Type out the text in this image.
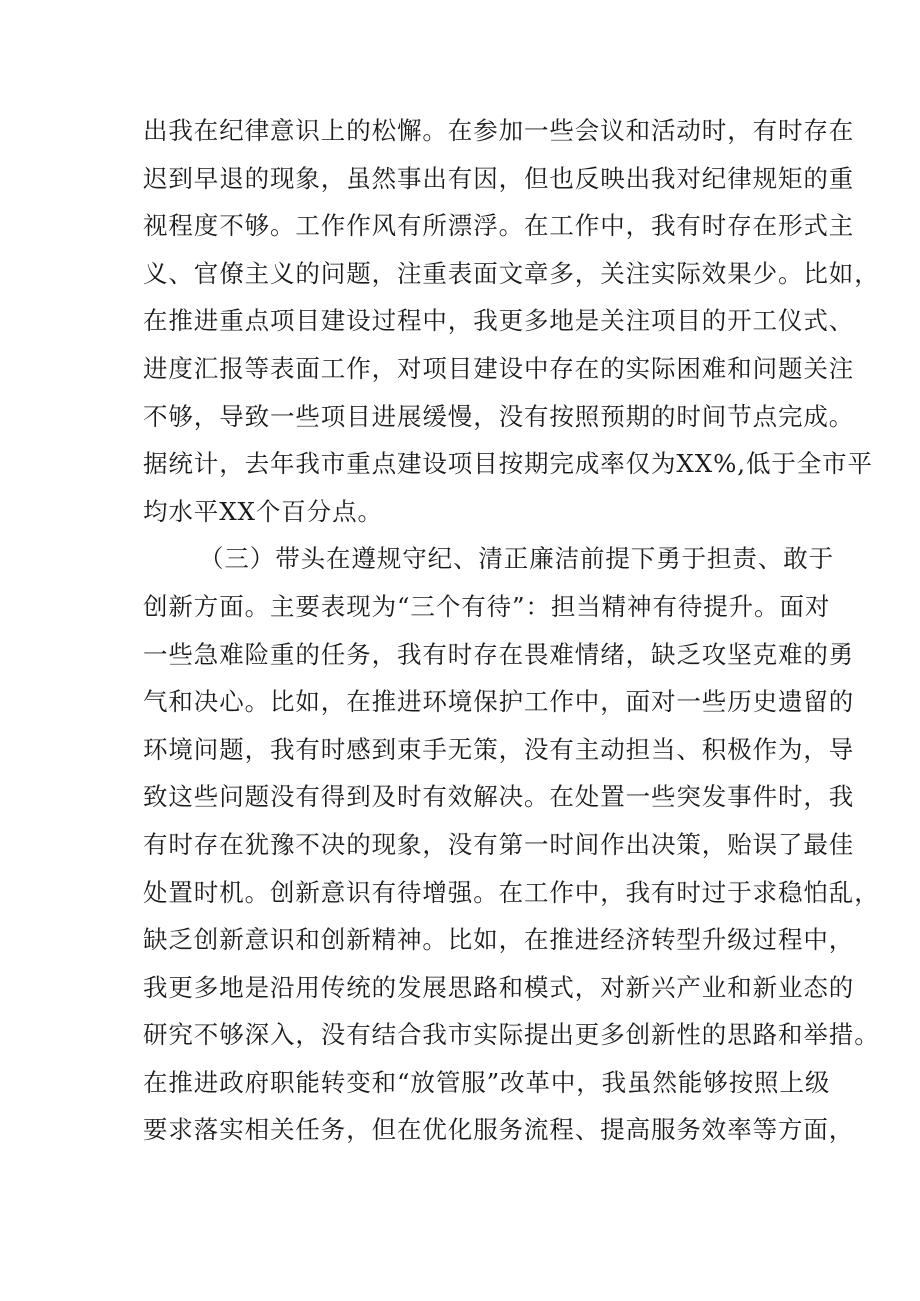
出我在纪律意识上的松懈。在参加一些会议和活动时，有时存在
迟到早退的现象，虽然事出有因，但也反映出我对纪律规矩的重
视程度不够。工作作风有所漂浮。在工作中，我有时存在形式主
义、官僚主义的问题，注重表面文章多，关注实际效果少。比如，
在推进重点项目建设过程中，我更多地是关注项目的开工仪式、
进度汇报等表面工作，对项目建设中存在的实际困难和问题关注
不够，导致一些项目进展缓慢，没有按照预期的时间节点完成。
据统计，去年我市重点建设项目按期完成率仅为XX%,低于全市平
均水平XX个百分点。
（三）带头在遵规守纪、清正廉洁前提下勇于担责、敢于
创新方面。主要表现为“三个有待”：担当精神有待提升。面对
一些急难险重的任务，我有时存在畏难情绪，缺乏攻坚克难的勇
气和决心。比如，在推进环境保护工作中，面对一些历史遗留的
环境问题，我有时感到束手无策，没有主动担当、积极作为，导
致这些问题没有得到及时有效解决。在处置一些突发事件时，我
有时存在犹豫不决的现象，没有第一时间作出决策，贻误了最佳
处置时机。创新意识有待增强。在工作中，我有时过于求稳怕乱，
缺乏创新意识和创新精神。比如，在推进经济转型升级过程中，
我更多地是沿用传统的发展思路和模式，对新兴产业和新业态的
研究不够深入，没有结合我市实际提出更多创新性的思路和举措。
在推进政府职能转变和“放管服”改革中，我虽然能够按照上级
要求落实相关任务，但在优化服务流程、提高服务效率等方面，
